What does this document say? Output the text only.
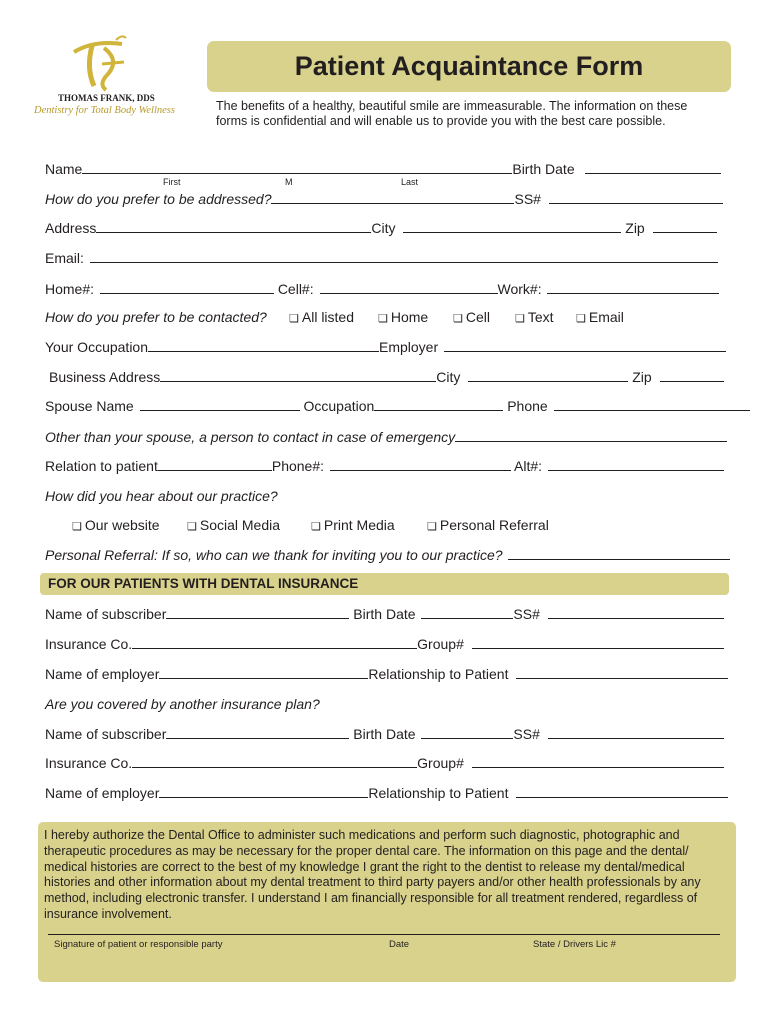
THOMAS FRANK, DDS
Dentistry for Total Body Wellness
Patient Acquaintance Form
The benefits of a healthy, beautiful smile are immeasurable. The information on these forms is confidential and will enable us to provide you with the best care possible.
Name	Birth Date
First	M	Last
How do you prefer to be addressed?	SS#
Address	City	Zip
Email:
Home#:	Cell#:	Work#:
How do you prefer to be contacted? ❏ All listed ❏ Home ❏ Cell ❏ Text ❏ Email
Your Occupation	Employer
Business Address	City	Zip
Spouse Name	Occupation	Phone
Other than your spouse, a person to contact in case of emergency
Relation to patient	Phone#:	Alt#:
How did you hear about our practice?
❏ Our website ❏ Social Media	❏ Print Media	❏ Personal Referral
Personal Referral: If so, who can we thank for inviting you to our practice?
FOR OUR PATIENTS WITH DENTAL INSURANCE
Name of subscriber	Birth Date	SS#
Insurance Co.	Group#
Name of employer	Relationship to Patient
Are you covered by another insurance plan?
Name of subscriber	Birth Date	SS#
Insurance Co.	Group#
Name of employer	Relationship to Patient
I hereby authorize the Dental Office to administer such medications and perform such diagnostic, photographic and therapeutic procedures as may be necessary for the proper dental care. The information on this page and the dental/ medical histories are correct to the best of my knowledge I grant the right to the dentist to release my dental/medical histories and other information about my dental treatment to third party payers and/or other health professionals by any method, including electronic transfer. I understand I am financially responsible for all treatment rendered, regardless of insurance involvement.
Signature of patient or responsible party	Date	State / Drivers Lic #
